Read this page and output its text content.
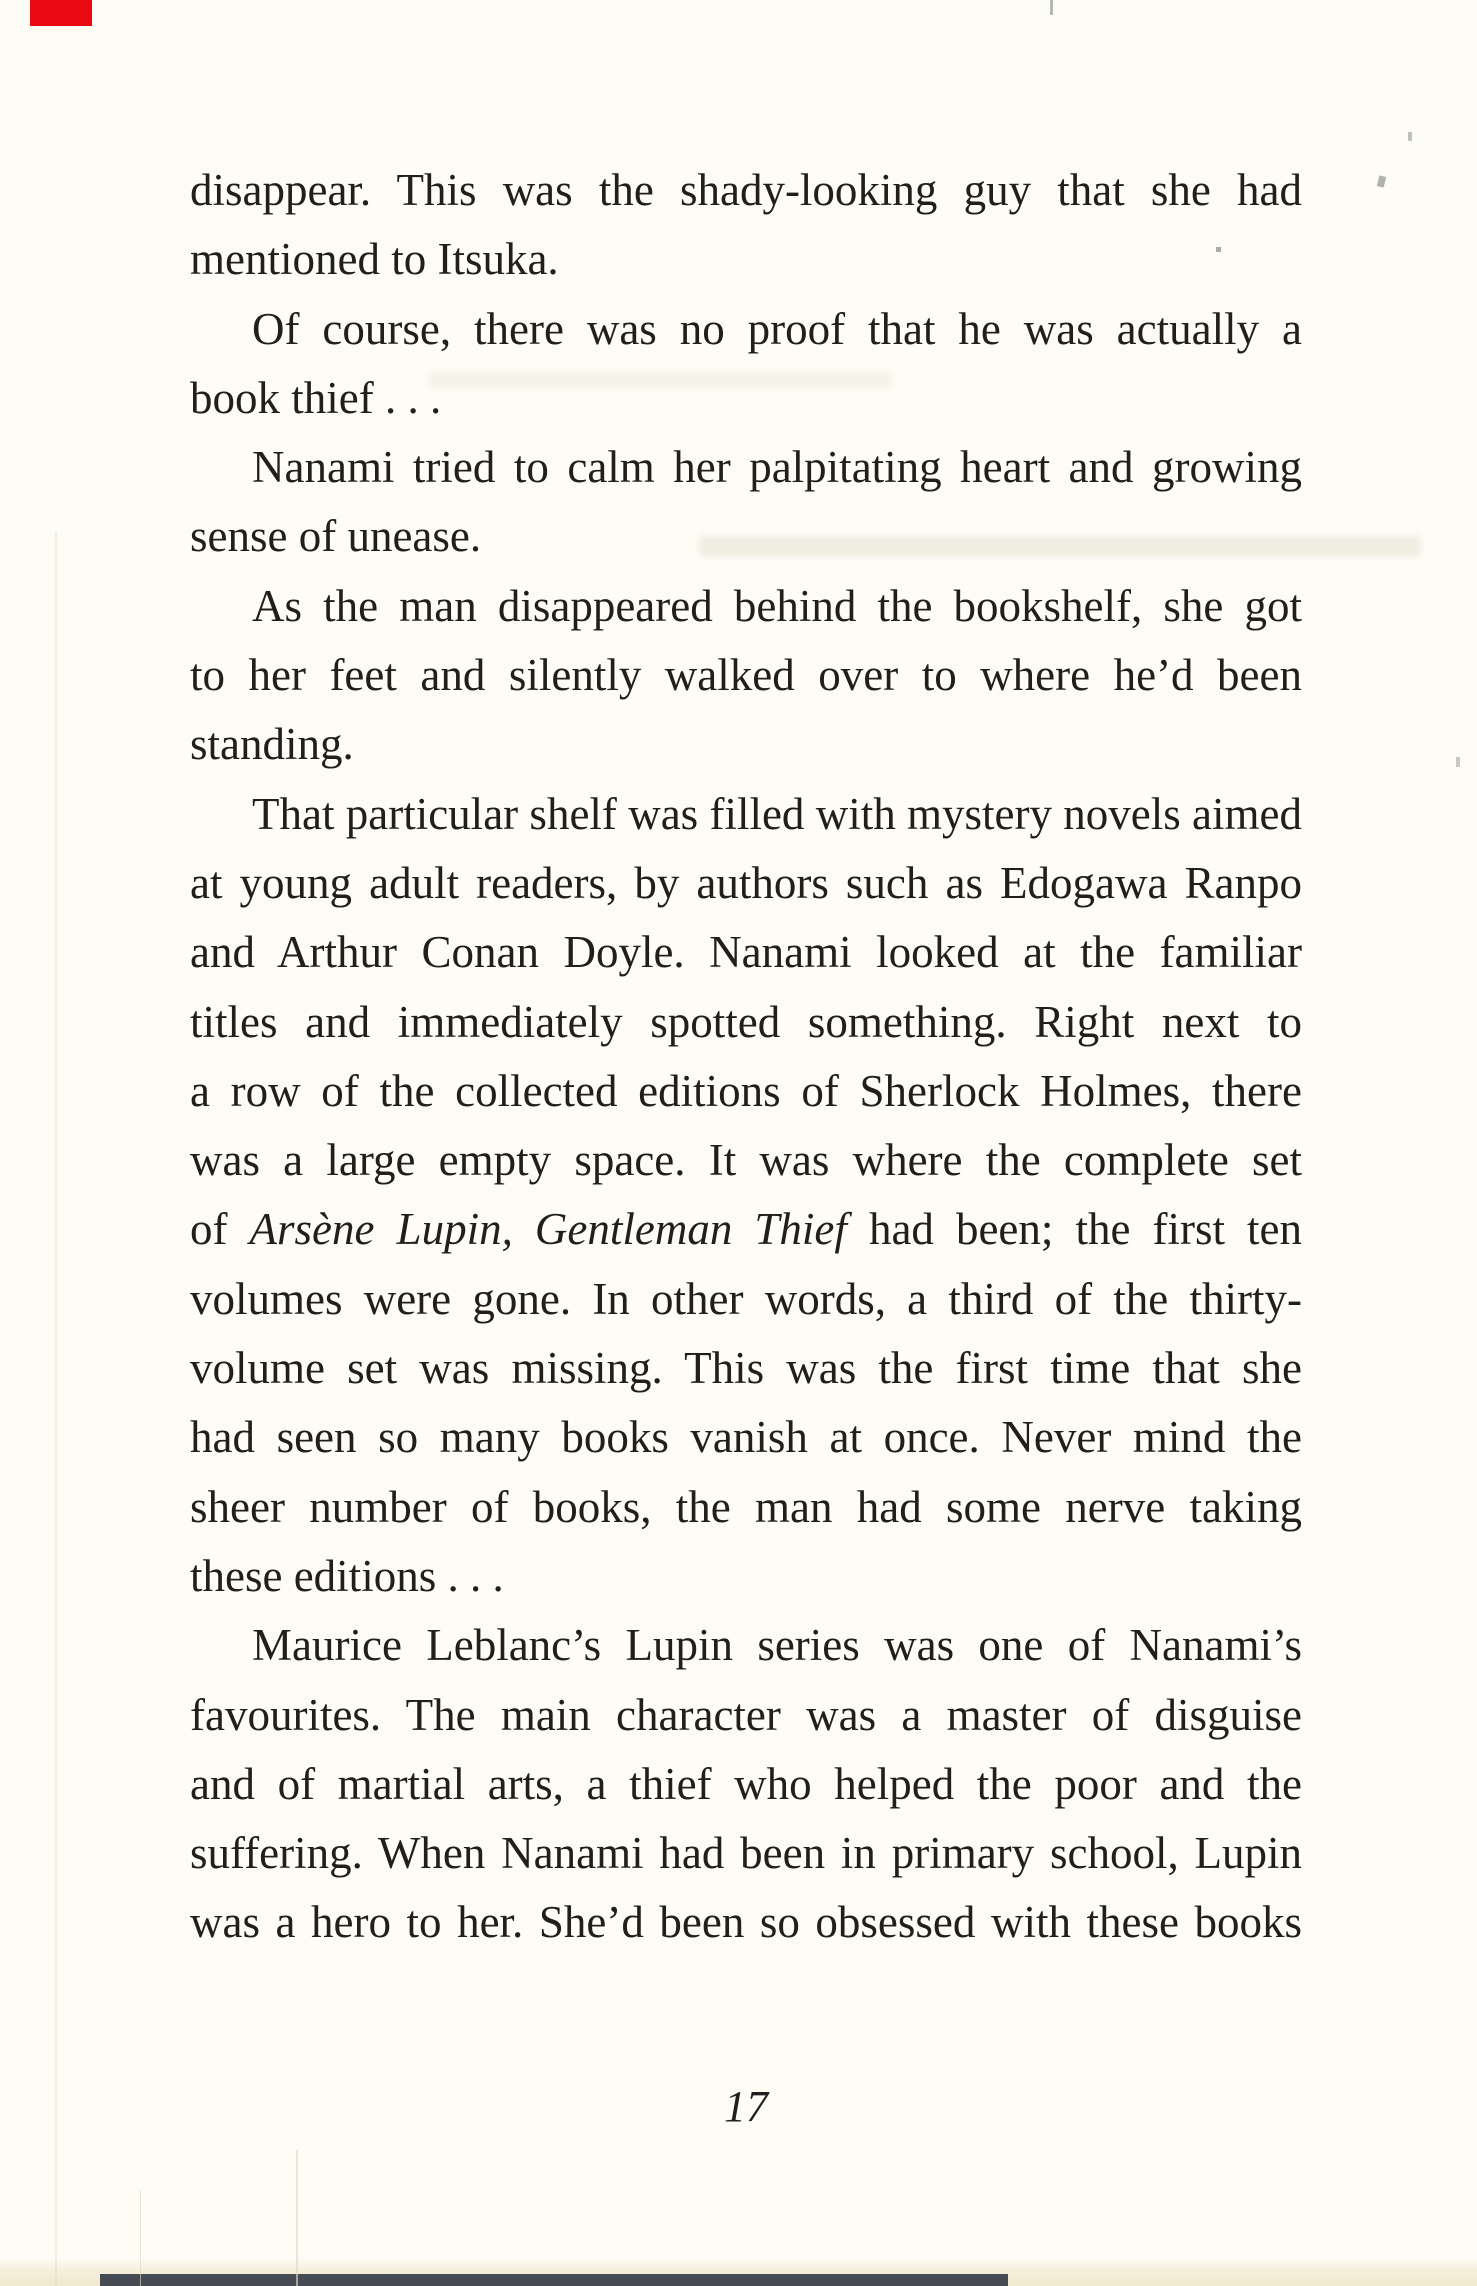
disappear. This was the shady-looking guy that she had
mentioned to Itsuka.
Of course, there was no proof that he was actually a
book thief . . .
Nanami tried to calm her palpitating heart and growing
sense of unease.
As the man disappeared behind the bookshelf, she got
to her feet and silently walked over to where he’d been
standing.
That particular shelf was filled with mystery novels aimed
at young adult readers, by authors such as Edogawa Ranpo
and Arthur Conan Doyle. Nanami looked at the familiar
titles and immediately spotted something. Right next to
a row of the collected editions of Sherlock Holmes, there
was a large empty space. It was where the complete set
of Arsène Lupin, Gentleman Thief had been; the first ten
volumes were gone. In other words, a third of the thirty-
volume set was missing. This was the first time that she
had seen so many books vanish at once. Never mind the
sheer number of books, the man had some nerve taking
these editions . . .
Maurice Leblanc’s Lupin series was one of Nanami’s
favourites. The main character was a master of disguise
and of martial arts, a thief who helped the poor and the
suffering. When Nanami had been in primary school, Lupin
was a hero to her. She’d been so obsessed with these books
17
